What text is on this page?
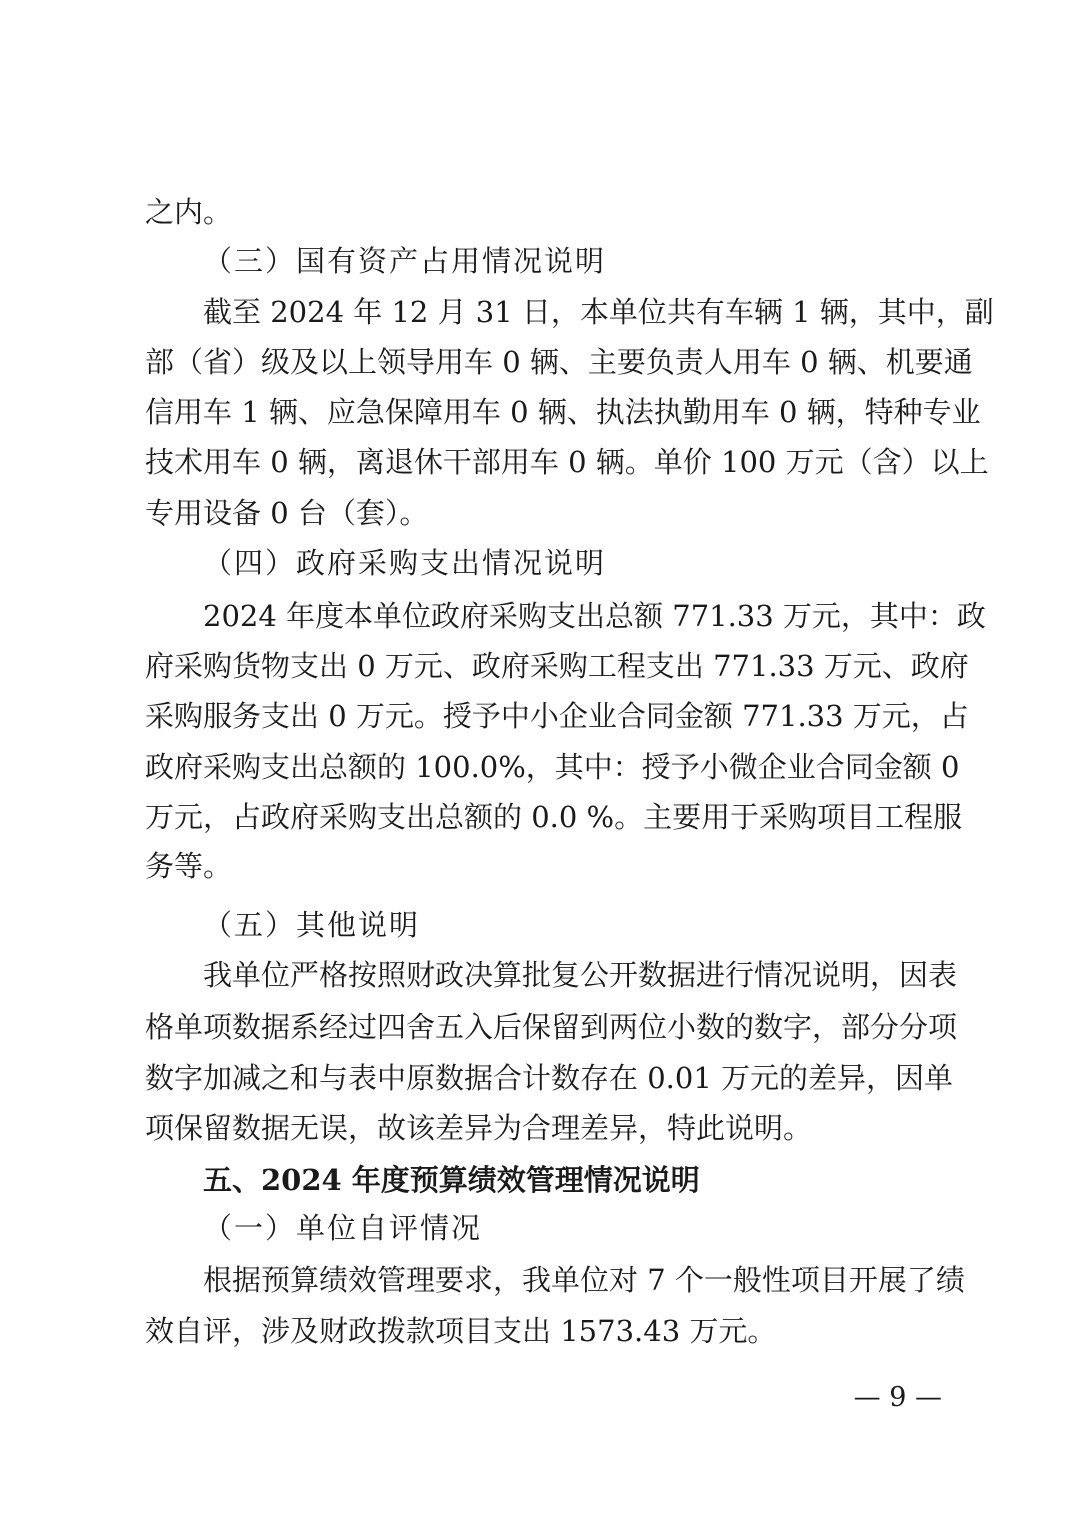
之内。
（三）国有资产占用情况说明
截至 2024 年 12 月 31 日，本单位共有车辆 1 辆，其中，副
部（省）级及以上领导用车 0 辆、主要负责人用车 0 辆、机要通
信用车 1 辆、应急保障用车 0 辆、执法执勤用车 0 辆，特种专业
技术用车 0 辆，离退休干部用车 0 辆。单价 100 万元（含）以上
专用设备 0 台（套）。
（四）政府采购支出情况说明
2024 年度本单位政府采购支出总额 771.33 万元，其中：政
府采购货物支出 0 万元、政府采购工程支出 771.33 万元、政府
采购服务支出 0 万元。授予中小企业合同金额 771.33 万元，占
政府采购支出总额的 100.0%，其中：授予小微企业合同金额 0
万元，占政府采购支出总额的 0.0 %。主要用于采购项目工程服
务等。
（五）其他说明
我单位严格按照财政决算批复公开数据进行情况说明，因表
格单项数据系经过四舍五入后保留到两位小数的数字，部分分项
数字加减之和与表中原数据合计数存在 0.01 万元的差异，因单
项保留数据无误，故该差异为合理差异，特此说明。
五、2024 年度预算绩效管理情况说明
（一）单位自评情况
根据预算绩效管理要求，我单位对 7 个一般性项目开展了绩
效自评，涉及财政拨款项目支出 1573.43 万元。
— 9 —
